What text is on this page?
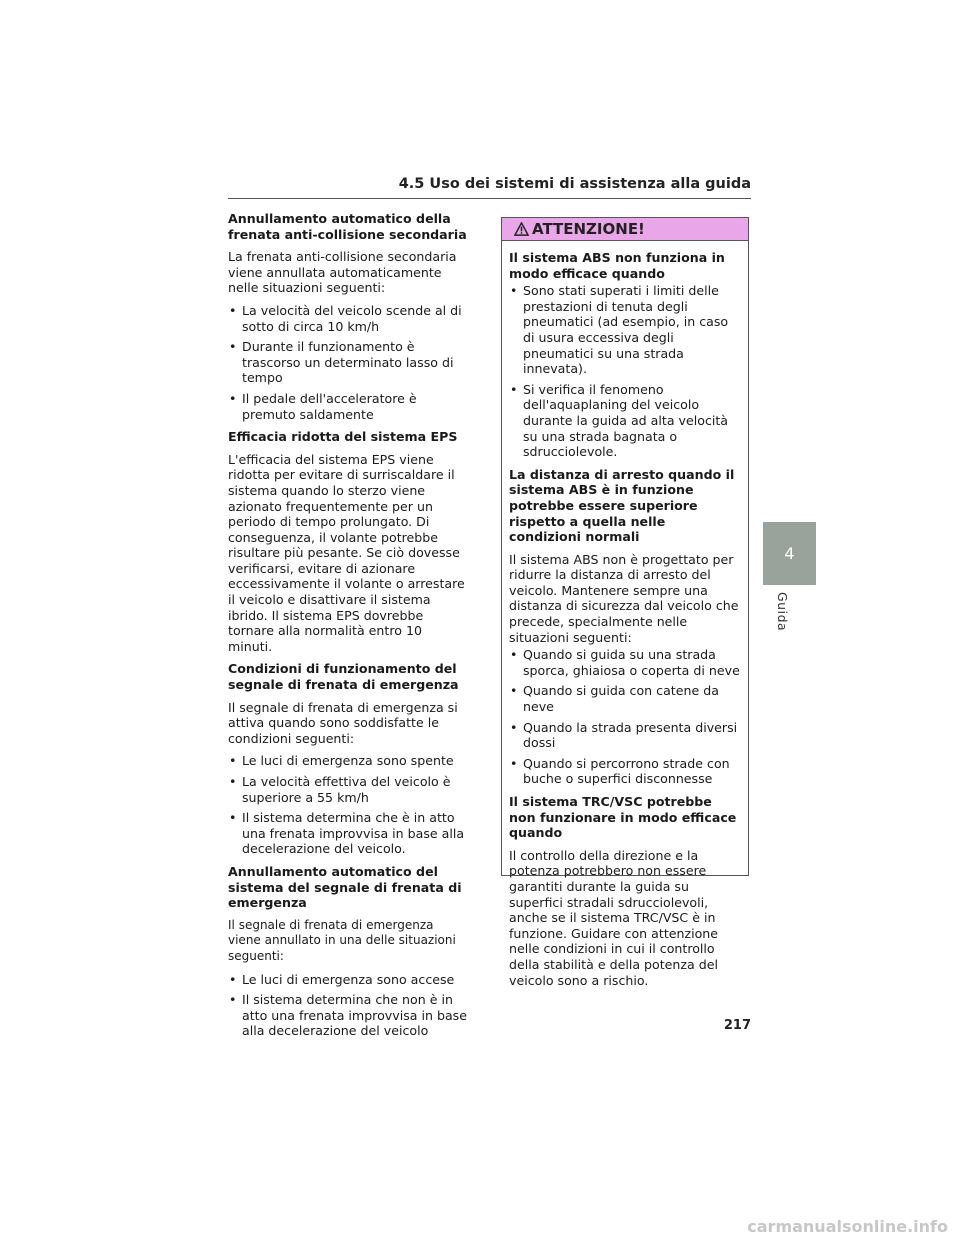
4.5 Uso dei sistemi di assistenza alla guida
Annullamento automatico della frenata anti-collisione secondaria
La frenata anti-collisione secondaria viene annullata automaticamente nelle situazioni seguenti:
• La velocità del veicolo scende al di sotto di circa 10 km/h
• Durante il funzionamento è trascorso un determinato lasso di tempo
• Il pedale dell'acceleratore è premuto saldamente
Efficacia ridotta del sistema EPS
L'efficacia del sistema EPS viene ridotta per evitare di surriscaldare il sistema quando lo sterzo viene azionato frequentemente per un periodo di tempo prolungato. Di conseguenza, il volante potrebbe risultare più pesante. Se ciò dovesse verificarsi, evitare di azionare eccessivamente il volante o arrestare il veicolo e disattivare il sistema ibrido. Il sistema EPS dovrebbe tornare alla normalità entro 10 minuti.
Condizioni di funzionamento del segnale di frenata di emergenza
Il segnale di frenata di emergenza si attiva quando sono soddisfatte le condizioni seguenti:
• Le luci di emergenza sono spente
• La velocità effettiva del veicolo è superiore a 55 km/h
• Il sistema determina che è in atto una frenata improvvisa in base alla decelerazione del veicolo.
Annullamento automatico del sistema del segnale di frenata di emergenza
Il segnale di frenata di emergenza viene annullato in una delle situazioni seguenti:
• Le luci di emergenza sono accese
• Il sistema determina che non è in atto una frenata improvvisa in base alla decelerazione del veicolo
ATTENZIONE!
Il sistema ABS non funziona in modo efficace quando
• Sono stati superati i limiti delle prestazioni di tenuta degli pneumatici (ad esempio, in caso di usura eccessiva degli pneumatici su una strada innevata).
• Si verifica il fenomeno dell'aquaplaning del veicolo durante la guida ad alta velocità su una strada bagnata o sdrucciolevole.
La distanza di arresto quando il sistema ABS è in funzione potrebbe essere superiore rispetto a quella nelle condizioni normali
Il sistema ABS non è progettato per ridurre la distanza di arresto del veicolo. Mantenere sempre una distanza di sicurezza dal veicolo che precede, specialmente nelle situazioni seguenti:
• Quando si guida su una strada sporca, ghiaiosa o coperta di neve
• Quando si guida con catene da neve
• Quando la strada presenta diversi dossi
• Quando si percorrono strade con buche o superfici disconnesse
Il sistema TRC/VSC potrebbe non funzionare in modo efficace quando
Il controllo della direzione e la potenza potrebbero non essere garantiti durante la guida su superfici stradali sdrucciolevoli, anche se il sistema TRC/VSC è in funzione. Guidare con attenzione nelle condizioni in cui il controllo della stabilità e della potenza del veicolo sono a rischio.
4
Guida
217
carmanualsonline.info
